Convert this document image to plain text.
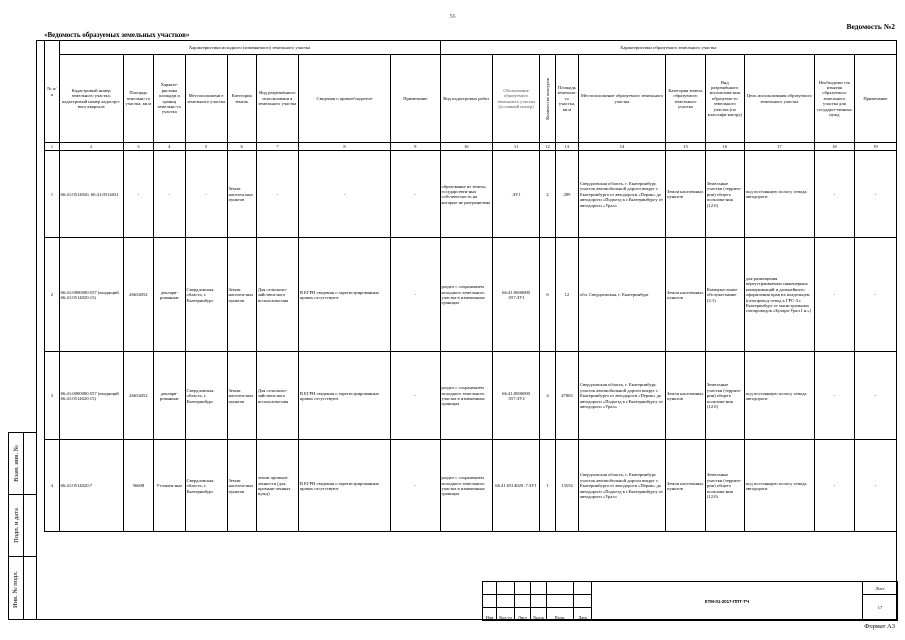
56
«Ведомость образуемых земельных участков»
Ведомость №2
Взам. инв. №
Подп. и дата
Инв. № подл.
№ п/ п	Характеристики исходного (изменяемого) земельного участка								Характеристики образуемого земельного участка									
	Кадастровый номер земельного участка, кадастровый номер кадастро-вого квартала	Площадь земельно-го участка, кв.м	Характе-ристика площади и границ земельно-го участка	Местоположени е земельного участка	Категория земель	Вид разрешённого использовани я земельного участка	Сведения о правообладателе	Примечание	Вид кадастровых работ	Обозначение образуемого земельного участка (условный номер)	Количество контуров	Площадь земельно-го участка, кв.м	Местоположение образуемого земельного участка	Категория земель образуемого земельного участка	Вид разрешённого использова-ния образуемо-го земельного участка (по классифи-катору)	Цель использования образуемого земельного участка	Необходимо сть изъятия образуемого земельного участка для государст-венных нужд	Примечание
1	2	3	4	5	6	7	8	9	10	11	12	13	14	15	16	17	18	19
1	66:41:0514020, 66:41:0514021	-	-	-	Земли населен ных пунктов	-	-	-	образование из земель, государствен-ных собствен-ность на которые не разграничена	:ЗУ1	2	289	Свердловская область, г. Екатеринбург, участок автомобильной дороги вокруг г. Екатеринбурга от автодороги «Пермь» до автодороги «Подъезд к г.Екатеринбургу от автодороги «Урал»	Земли населенных пунктов	Земельные участки (террито-рии) общего пользова-ния (12.0)	под постоянную полосу отвода автодороги	-	-
2	66:41:0000000:557 (входящий 66:41:0514020:15)	26654052	деклари-рованные	Свердловская область, г. Екатеринбург	Земли населен-ных пунктов	Для сельскохо-зяйствен-ного использова-ния	В ЕГРН сведения о зарегистрированных правах отсутствуют	-	раздел с сохранением исходного земельного участка в измененных границах	66:41:0000000 :557:ЗУ1	6	12	обл. Свердловская, г. Екатеринбург	Земли населенных пунктов	Коммуна-льное обслужи-вание (3.1)	для размещения переустраиваемых инженерных коммуникаций и дальнейшего оформления прав их владельцем (газопровод-отвод к ГРС-3 г. Екатеринбург от магистральных газопроводов «Бухара-Урал I н.»)	-	-
3	66:41:0000000:557 (входящий 66:41:0514020:15)	26654052	деклари-рованные	Свердловская область, г. Екатеринбург	Земли населен-ных пунктов	Для сельскохо-зяйствен-ного использова-ния	В ЕГРН сведения о зарегистрированных правах отсутствуют	-	раздел с сохранением исходного земельного участка в измененных границах	66:41:0000000 :557:ЗУ2	4	47803	Свердловская область, г. Екатеринбург, участок автомобильной дороги вокруг г. Екатеринбурга от автодороги «Пермь» до автодороги «Подъезд к г.Екатеринбургу от автодороги «Урал»	Земли населенных пунктов	Земельные участки (террито-рии) общего пользова-ния (12.0)	под постоянную полосу отвода автодороги	-	-
4	66:41:0514020:7	56608	Уточнен-ные	Свердловская область, г. Екатеринбург	Земли населен-ных пунктов	земли промыш-ленности (для промыш-ленных нужд)	В ЕГРН сведения о зарегистрированных правах отсутствуют	-	раздел с сохранением исходного земельного участка в измененных границах	66:41:0514020 :7:ЗУ1	1	13554	Свердловская область, г. Екатеринбург, участок автомобильной дороги вокруг г. Екатеринбурга от автодороги «Пермь» до автодороги «Подъезд к г.Екатеринбургу от автодороги «Урал»	Земли населенных пунктов	Земельные участки (террито-рии) общего пользова-ния (12.0)	под постоянную полосу отвода автодороги	-	-
						КТМ-01-2017-ППТ-ТЧ	Лист
							17
Изм	Кол.уч	Лист	№док	Подп.	Дата		
Формат А3
